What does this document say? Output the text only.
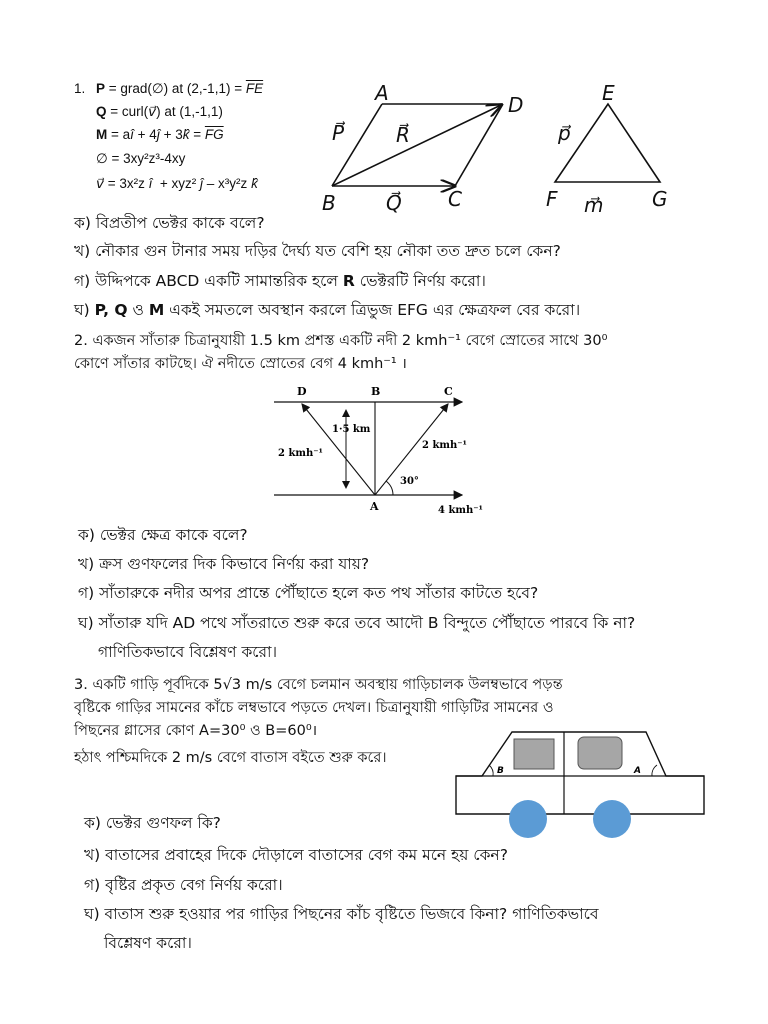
1. P = grad(∅) at $(2,-1,1) = \overline{FE}$
Q = curl(v⃗) at (1,-1,1)
M = aî + 4ĵ + 3k̂ = $\overline{FG}$
∅ = 3xy²z³-4xy
v⃗ = 3x²z î  + xyz² ĵ – x³y²z k̂
A	D
B	C
P⃗	R⃗
Q⃗
E
F	G
p⃗
m⃗
ক) বিপ্রতীপ ভেক্টর কাকে বলে?
খ) নৌকার গুন টানার সময় দড়ির দৈর্ঘ্য যত বেশি হয় নৌকা তত দ্রুত চলে কেন?
গ) উদ্দিপকে ABCD একটি সামান্তরিক হলে R ভেক্টরটি নির্ণয় করো।
ঘ) P, Q ও M একই সমতলে অবস্থান করলে ত্রিভুজ EFG এর ক্ষেত্রফল বের করো।
2. একজন সাঁতারু চিত্রানুযায়ী 1.5 km প্রশস্ত একটি নদী 2 kmh⁻¹ বেগে স্রোতের সাথে 30⁰
কোণে সাঁতার কাটছে। ঐ নদীতে স্রোতের বেগ 4 kmh⁻¹ ।
D	B	C
A
1·5 km
2 kmh⁻¹
2 kmh⁻¹
30°
4 kmh⁻¹
ক) ভেক্টর ক্ষেত্র কাকে বলে?
খ) ক্রস গুণফলের দিক কিভাবে নির্ণয় করা যায়?
গ) সাঁতারুকে নদীর অপর প্রান্তে পৌঁছাতে হলে কত পথ সাঁতার কাটতে হবে?
ঘ) সাঁতারু যদি AD পথে সাঁতরাতে শুরু করে তবে আদৌ B বিন্দুতে পৌঁছাতে পারবে কি না?
গাণিতিকভাবে বিশ্লেষণ করো।
3. একটি গাড়ি পূর্বদিকে 5√3 m/s বেগে চলমান অবস্থায় গাড়িচালক উলম্বভাবে পড়ন্ত
বৃষ্টিকে গাড়ির সামনের কাঁচে লম্বভাবে পড়তে দেখল। চিত্রানুযায়ী গাড়িটির সামনের ও
পিছনের গ্লাসের কোণ A=30⁰ ও B=60⁰।
হঠাৎ পশ্চিমদিকে 2 m/s বেগে বাতাস বইতে শুরু করে।
B	A
ক) ভেক্টর গুণফল কি?
খ) বাতাসের প্রবাহের দিকে দৌড়ালে বাতাসের বেগ কম মনে হয় কেন?
গ) বৃষ্টির প্রকৃত বেগ নির্ণয় করো।
ঘ) বাতাস শুরু হওয়ার পর গাড়ির পিছনের কাঁচ বৃষ্টিতে ভিজবে কিনা? গাণিতিকভাবে
বিশ্লেষণ করো।
